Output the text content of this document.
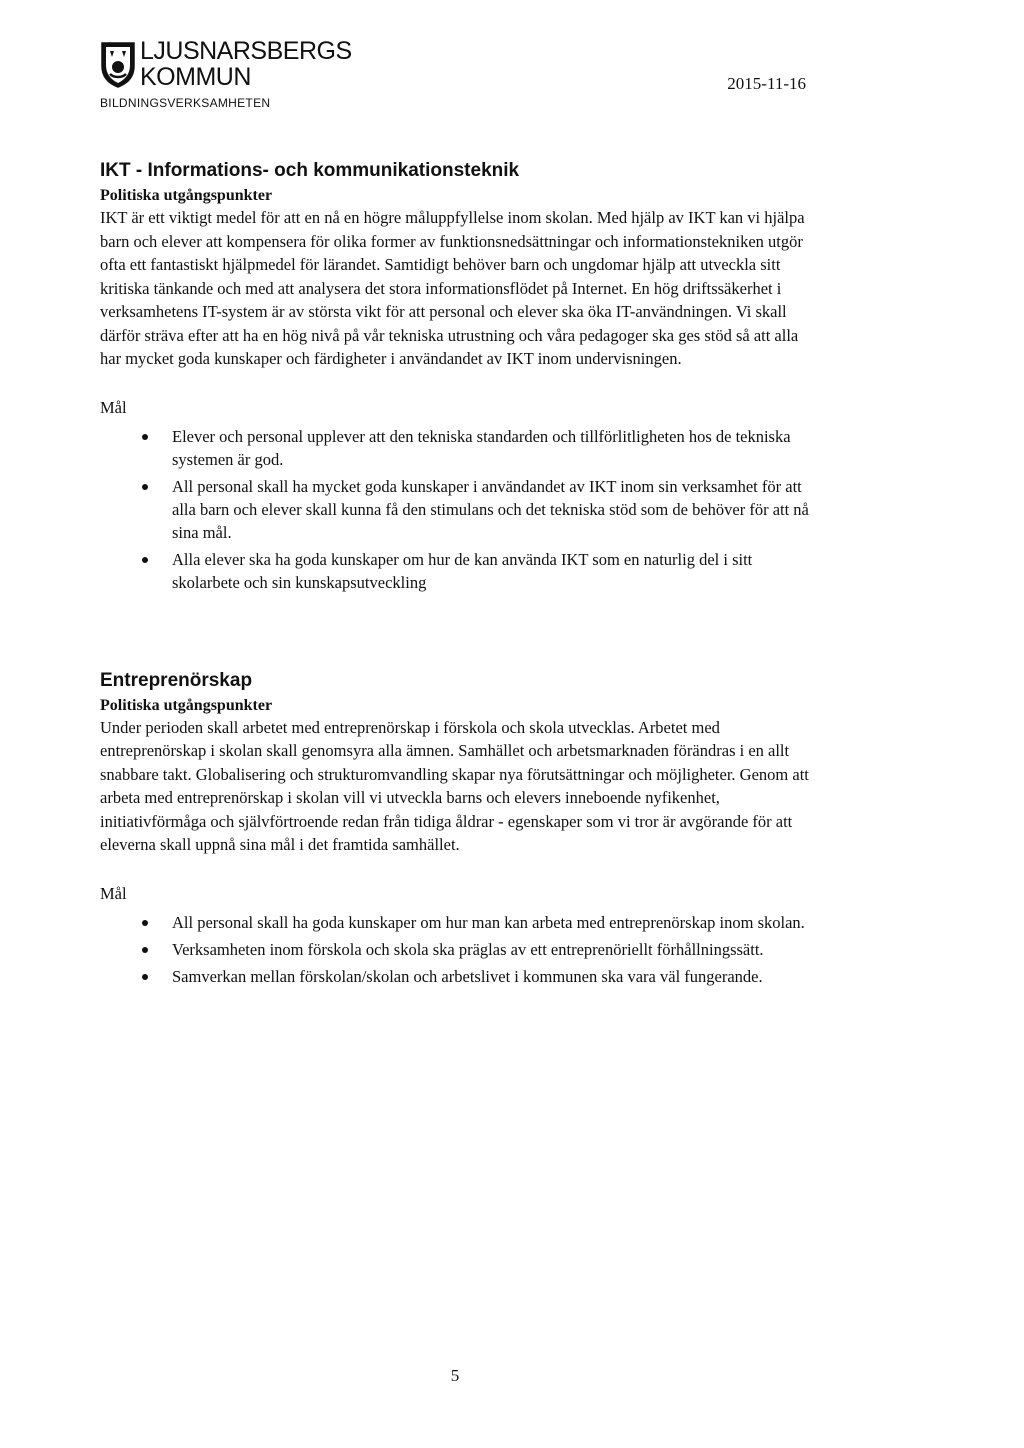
LJUSNARSBERGS
KOMMUN
BILDNINGSVERKSAMHETEN
2015-11-16
IKT - Informations- och kommunikationsteknik
Politiska utgångspunkter

IKT är ett viktigt medel för att en nå en högre måluppfyllelse inom skolan. Med hjälp av IKT kan vi hjälpa barn och elever att kompensera för olika former av funktionsnedsättningar och informationstekniken utgör ofta ett fantastiskt hjälpmedel för lärandet. Samtidigt behöver barn och ungdomar hjälp att utveckla sitt kritiska tänkande och med att analysera det stora informationsflödet på Internet. En hög driftssäkerhet i verksamhetens IT-system är av största vikt för att personal och elever ska öka IT-användningen. Vi skall därför sträva efter att ha en hög nivå på vår tekniska utrustning och våra pedagoger ska ges stöd så att alla har mycket goda kunskaper och färdigheter i användandet av IKT inom undervisningen.

Mål
Elever och personal upplever att den tekniska standarden och tillförlitligheten hos de tekniska systemen är god.
All personal skall ha mycket goda kunskaper i användandet av IKT inom sin verksamhet för att alla barn och elever skall kunna få den stimulans och det tekniska stöd som de behöver för att nå sina mål.
Alla elever ska ha goda kunskaper om hur de kan använda IKT som en naturlig del i sitt skolarbete och sin kunskapsutveckling
Entreprenörskap
Politiska utgångspunkter

Under perioden skall arbetet med entreprenörskap i förskola och skola utvecklas. Arbetet med entreprenörskap i skolan skall genomsyra alla ämnen. Samhället och arbetsmarknaden förändras i en allt snabbare takt. Globalisering och strukturomvandling skapar nya förutsättningar och möjligheter. Genom att arbeta med entreprenörskap i skolan vill vi utveckla barns och elevers inneboende nyfikenhet, initiativförmåga och självförtroende redan från tidiga åldrar - egenskaper som vi tror är avgörande för att eleverna skall uppnå sina mål i det framtida samhället.

Mål
All personal skall ha goda kunskaper om hur man kan arbeta med entreprenörskap inom skolan.
Verksamheten inom förskola och skola ska präglas av ett entreprenöriellt förhållningssätt.
Samverkan mellan förskolan/skolan och arbetslivet i kommunen ska vara väl fungerande.
5
